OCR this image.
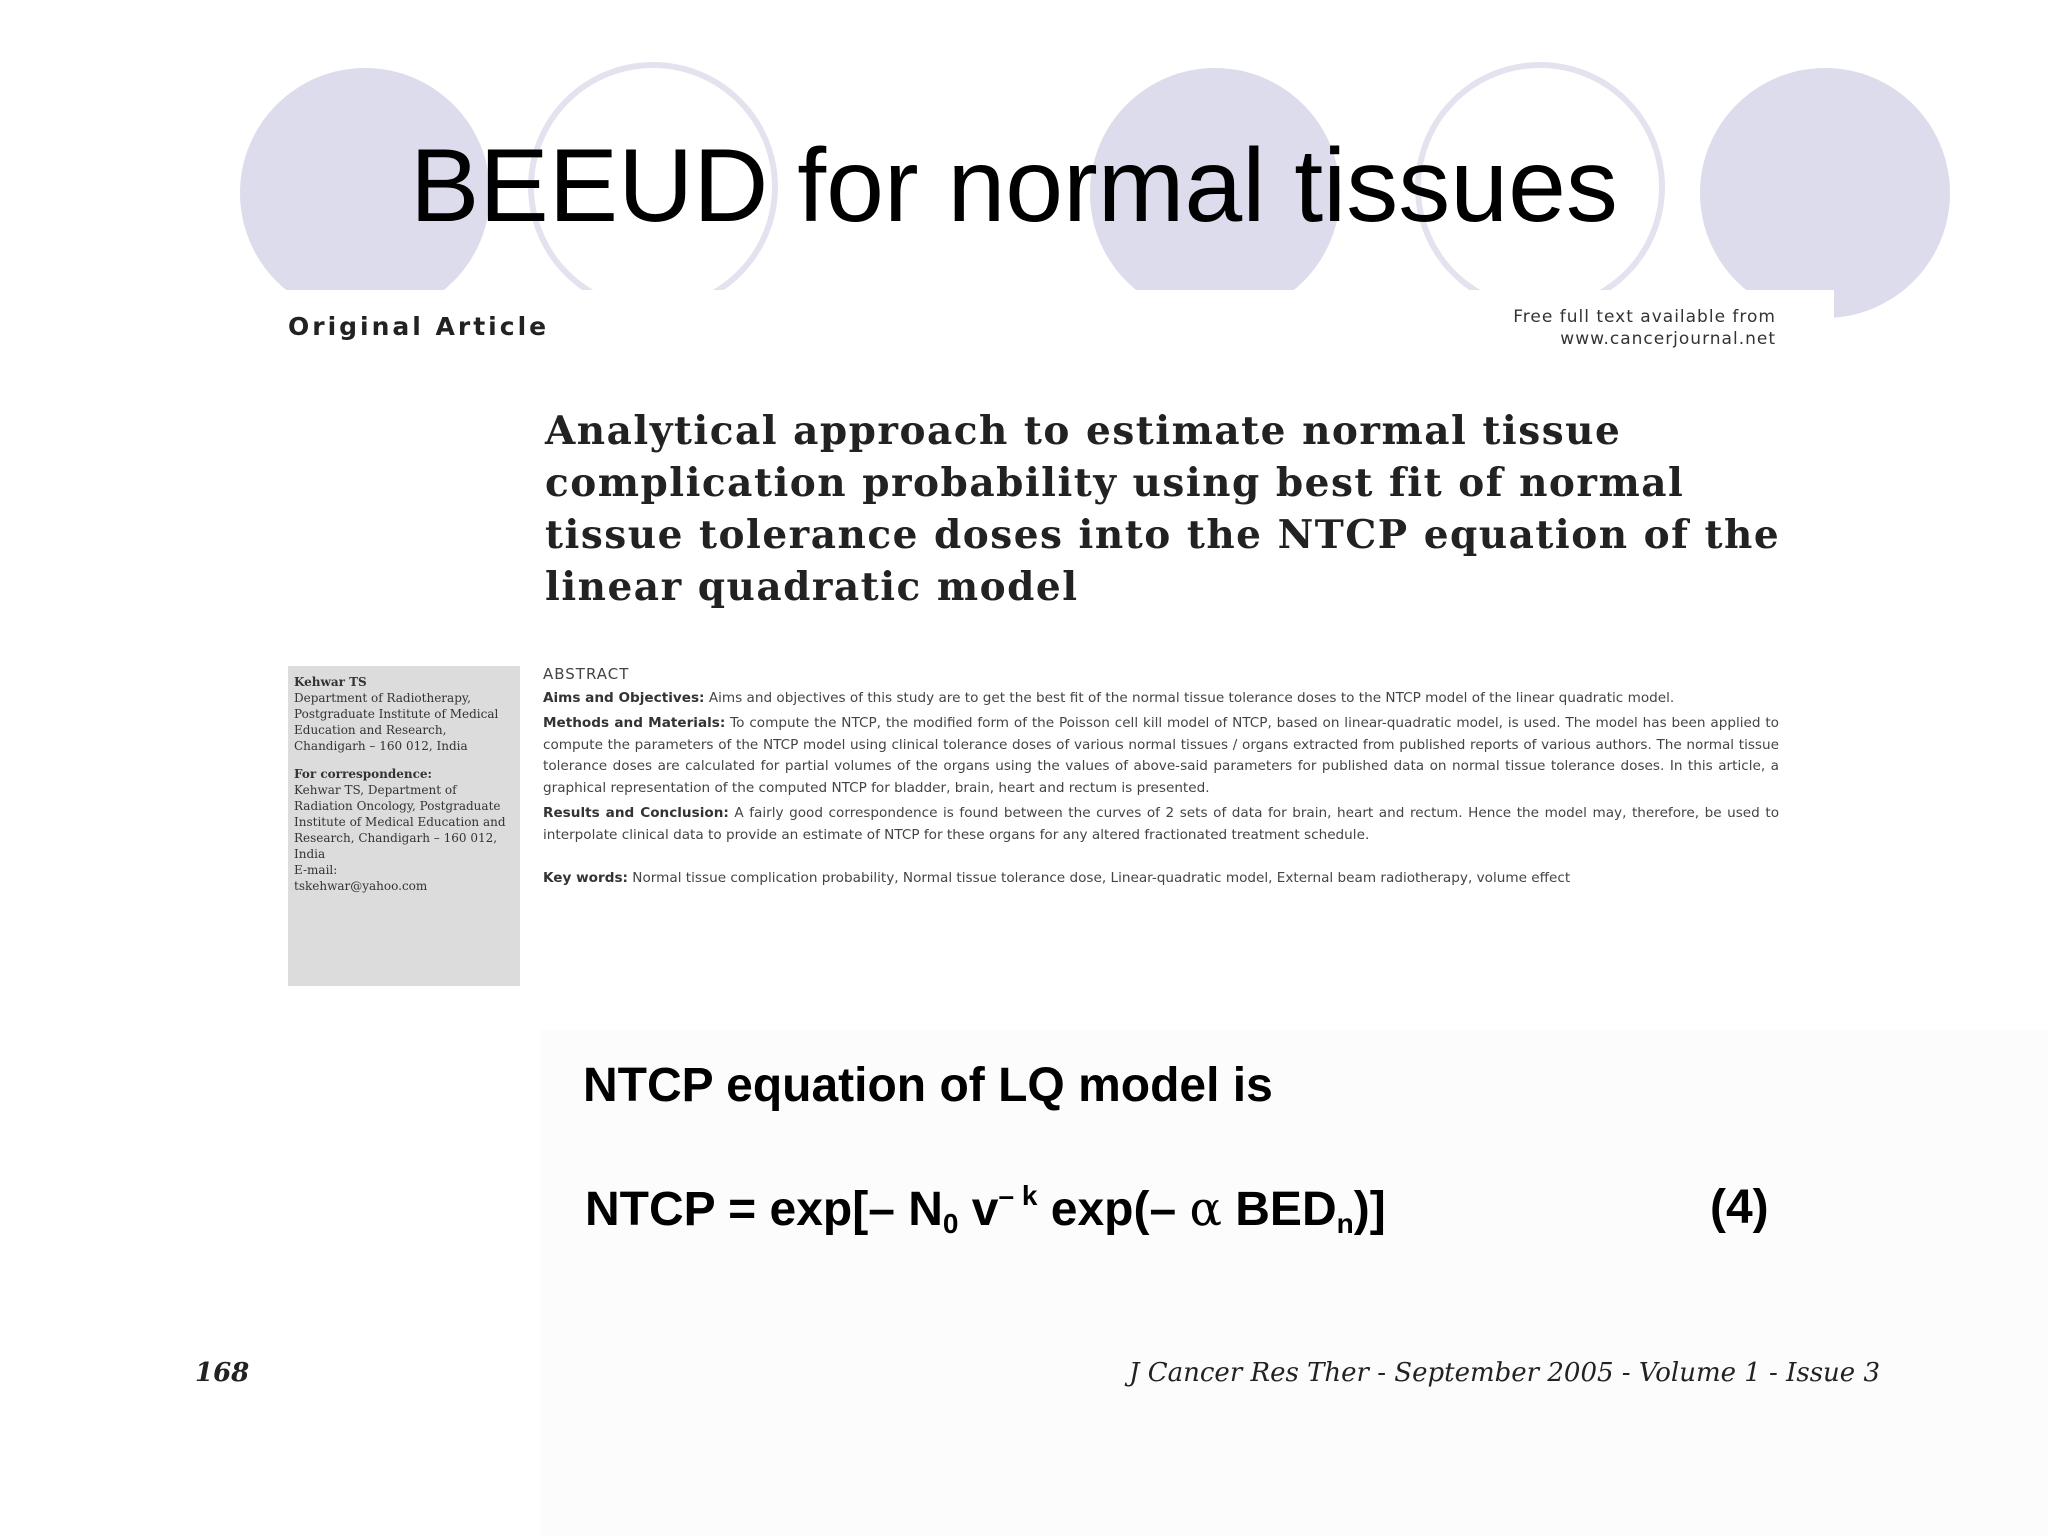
BEEUD for normal tissues
Original Article	Free full text available from
www.cancerjournal.net
Analytical approach to estimate normal tissue complication probability using best fit of normal tissue tolerance doses into the NTCP equation of the linear quadratic model
Kehwar TS
Department of Radiotherapy, Postgraduate Institute of Medical Education and Research, Chandigarh – 160 012, India
For correspondence:
Kehwar TS, Department of Radiation Oncology, Postgraduate Institute of Medical Education and Research, Chandigarh – 160 012, India
E-mail:
tskehwar@yahoo.com
ABSTRACT

Aims and Objectives: Aims and objectives of this study are to get the best fit of the normal tissue tolerance doses to the NTCP model of the linear quadratic model.

Methods and Materials: To compute the NTCP, the modified form of the Poisson cell kill model of NTCP, based on linear-quadratic model, is used. The model has been applied to compute the parameters of the NTCP model using clinical tolerance doses of various normal tissues / organs extracted from published reports of various authors. The normal tissue tolerance doses are calculated for partial volumes of the organs using the values of above-said parameters for published data on normal tissue tolerance doses. In this article, a graphical representation of the computed NTCP for bladder, brain, heart and rectum is presented.

Results and Conclusion: A fairly good correspondence is found between the curves of 2 sets of data for brain, heart and rectum. Hence the model may, therefore, be used to interpolate clinical data to provide an estimate of NTCP for these organs for any altered fractionated treatment schedule.

Key words: Normal tissue complication probability, Normal tissue tolerance dose, Linear-quadratic model, External beam radiotherapy, volume effect

NTCP equation of LQ model is
NTCP = exp[– $N_0$ $v^{- k}$ exp(– α $BED_n$)]	(4)
168	J Cancer Res Ther - September 2005 - Volume 1 - Issue 3
